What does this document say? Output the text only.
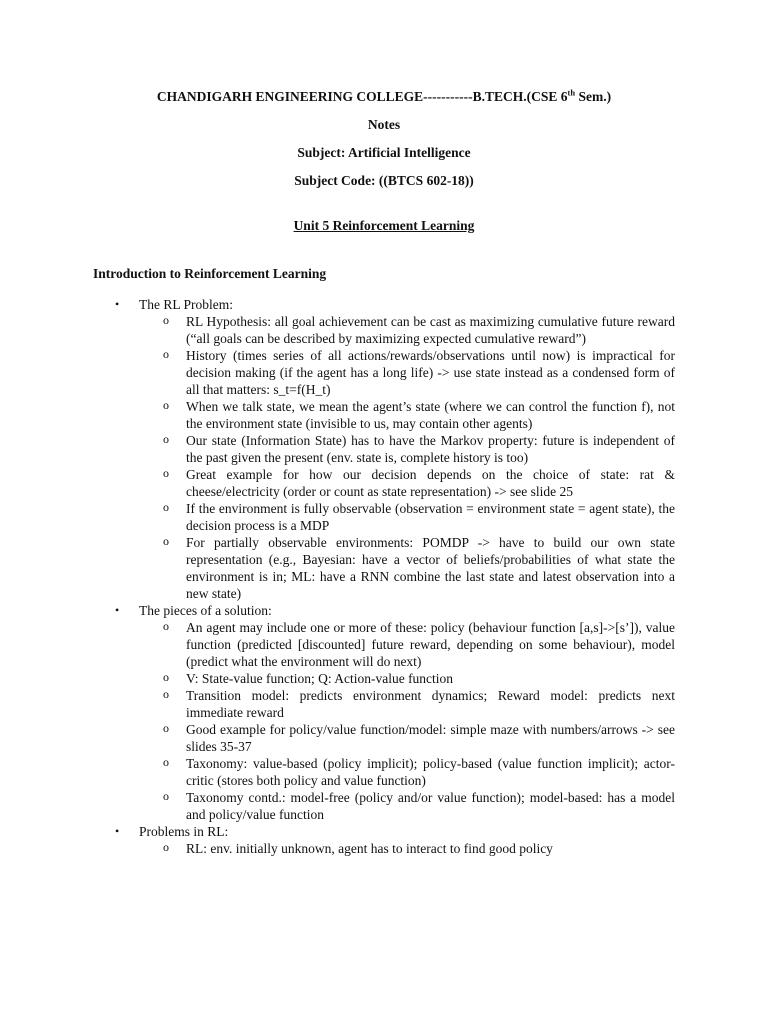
CHANDIGARH ENGINEERING COLLEGE-----------B.TECH.(CSE 6th Sem.)
Notes
Subject: Artificial Intelligence
Subject Code: ((BTCS 602-18))
Unit 5 Reinforcement Learning
Introduction to Reinforcement Learning
• The RL Problem:
o RL Hypothesis: all goal achievement can be cast as maximizing cumulative future reward (“all goals can be described by maximizing expected cumulative reward”)
o History (times series of all actions/rewards/observations until now) is impractical for decision making (if the agent has a long life) -> use state instead as a condensed form of all that matters: s_t=f(H_t)
o When we talk state, we mean the agent’s state (where we can control the function f), not the environment state (invisible to us, may contain other agents)
o Our state (Information State) has to have the Markov property: future is independent of the past given the present (env. state is, complete history is too)
o Great example for how our decision depends on the choice of state: rat & cheese/electricity (order or count as state representation) -> see slide 25
o If the environment is fully observable (observation = environment state = agent state), the decision process is a MDP
o For partially observable environments: POMDP -> have to build our own state representation (e.g., Bayesian: have a vector of beliefs/probabilities of what state the environment is in; ML: have a RNN combine the last state and latest observation into a new state)
• The pieces of a solution:
o An agent may include one or more of these: policy (behaviour function [a,s]->[s’]), value function (predicted [discounted] future reward, depending on some behaviour), model (predict what the environment will do next)
o V: State-value function; Q: Action-value function
o Transition model: predicts environment dynamics; Reward model: predicts next immediate reward
o Good example for policy/value function/model: simple maze with numbers/arrows -> see slides 35-37
o Taxonomy: value-based (policy implicit); policy-based (value function implicit); actor-critic (stores both policy and value function)
o Taxonomy contd.: model-free (policy and/or value function); model-based: has a model and policy/value function
• Problems in RL:
o RL: env. initially unknown, agent has to interact to find good policy
